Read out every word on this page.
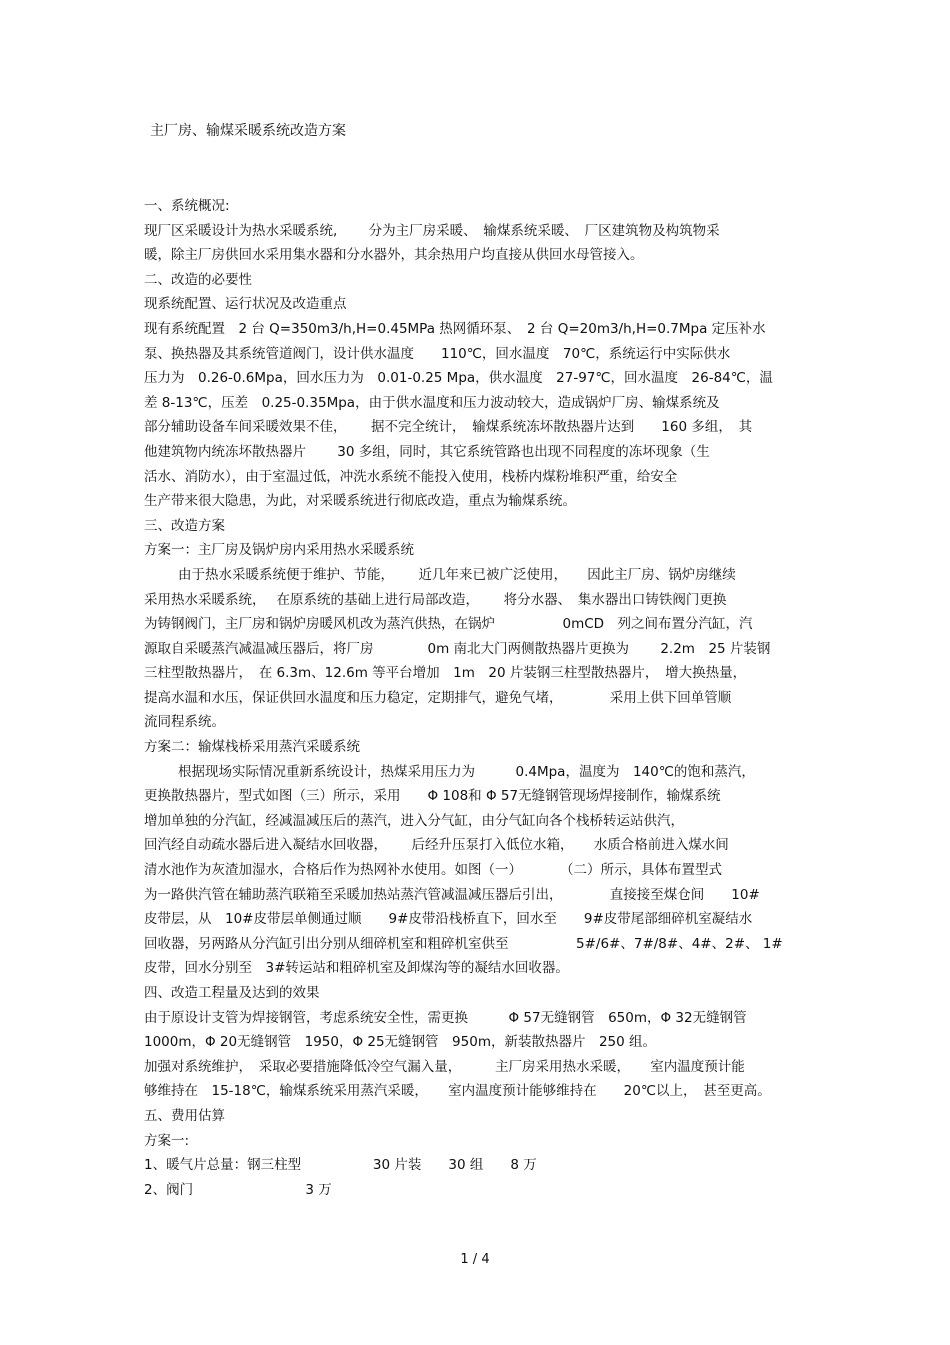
主厂房、输煤采暖系统改造方案
一、系统概况:
现厂区采暖设计为热水采暖系统,　　 分为主厂房采暖、　输煤系统采暖、　厂区建筑物及构筑物采
暖，除主厂房供回水采用集水器和分水器外，其余热用户均直接从供回水母管接入。
二、改造的必要性
现系统配置、运行状况及改造重点
现有系统配置　2 台 Q=350m3/h,H=0.45MPa 热网循环泵、　2 台 Q=20m3/h,H=0.7Mpa 定压补水
泵、换热器及其系统管道阀门，设计供水温度　　110℃，回水温度　70℃，系统运行中实际供水
压力为　0.26-0.6Mpa，回水压力为　0.01-0.25 Mpa，供水温度　27-97℃，回水温度　26-84℃，温
差 8-13℃，压差　0.25-0.35Mpa，由于供水温度和压力波动较大，造成锅炉厂房、输煤系统及
部分辅助设备车间采暖效果不佳，　　 据不完全统计，　输煤系统冻坏散热器片达到　　160 多组，　其
他建筑物内统冻坏散热器片　　 30 多组，同时，其它系统管路也出现不同程度的冻坏现象（生
活水、消防水），由于室温过低，冲洗水系统不能投入使用，栈桥内煤粉堆积严重，给安全
生产带来很大隐患，为此，对采暖系统进行彻底改造，重点为输煤系统。
三、改造方案
方案一：主厂房及锅炉房内采用热水采暖系统
由于热水采暖系统便于维护、节能，　　 近几年来已被广泛使用，　　因此主厂房、锅炉房继续
采用热水采暖系统，　 在原系统的基础上进行局部改造，　　 将分水器、　集水器出口铸铁阀门更换
为铸钢阀门，主厂房和锅炉房暖风机改为蒸汽供热，在锅炉　　　　　0mCD　列之间布置分汽缸，汽
源取自采暖蒸汽减温减压器后，将厂房　　　　0m 南北大门两侧散热器片更换为　　 2.2m　25 片装钢
三柱型散热器片，　在 6.3m、12.6m 等平台增加　1m　20 片装钢三柱型散热器片，　增大换热量，
提高水温和水压，保证供回水温度和压力稳定，定期排气，避免气堵，　　　　采用上供下回单管顺
流同程系统。
方案二：输煤栈桥采用蒸汽采暖系统
根据现场实际情况重新系统设计，热煤采用压力为　　　0.4Mpa，温度为　140℃的饱和蒸汽，
更换散热器片，型式如图（三）所示，采用　　Φ 108和 Φ 57无缝钢管现场焊接制作，输煤系统
增加单独的分汽缸，经减温减压后的蒸汽，进入分气缸，由分气缸向各个栈桥转运站供汽，
回汽经自动疏水器后进入凝结水回收器，　　 后经升压泵打入低位水箱，　　水质合格前进入煤水间
清水池作为灰渣加湿水，合格后作为热网补水使用。如图（一）　　　 （二）所示，具体布置型式
为一路供汽管在辅助蒸汽联箱至采暖加热站蒸汽管减温减压器后引出，　　　　直接接至煤仓间　　10#
皮带层，从　10#皮带层单侧通过顺　　9#皮带沿栈桥直下，回水至　　9#皮带尾部细碎机室凝结水
回收器，另两路从分汽缸引出分别从细碎机室和粗碎机室供至　　　　　5#/6#、7#/8#、4#、2#、 1#
皮带，回水分别至　3#转运站和粗碎机室及卸煤沟等的凝结水回收器。
四、改造工程量及达到的效果
由于原设计支管为焊接钢管，考虑系统安全性，需更换　　　Φ 57无缝钢管　650m，Φ 32无缝钢管
1000m，Φ 20无缝钢管　1950，Φ 25无缝钢管　950m，新装散热器片　250 组。
加强对系统维护，　采取必要措施降低冷空气漏入量，　　　主厂房采用热水采暖，　　室内温度预计能
够维持在　15-18℃，输煤系统采用蒸汽采暖，　　室内温度预计能够维持在　　20℃以上，　甚至更高。
五、费用估算
方案一:
1、暖气片总量：钢三柱型　　　　　 30 片装　　30 组　　8 万
2、阀门　　　　　　　　 3 万
1 / 4
